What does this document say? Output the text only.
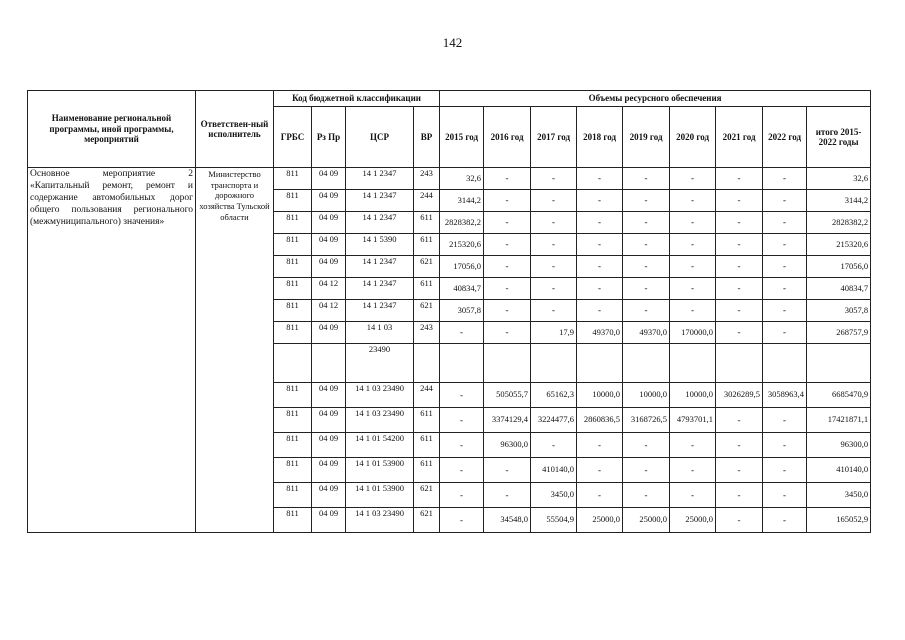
142
Наименование региональной программы, иной программы, мероприятий	Ответствен-ный исполнитель	Код бюджетной классификации				Объемы ресурсного обеспечения								
		ГРБС	Рз Пр	ЦСР	ВР	2015 год	2016 год	2017 год	2018 год	2019 год	2020 год	2021 год	2022 год	итого 2015-2022 годы
Основное мероприятие 2 «Капитальный ремонт, ремонт и содержание автомобильных дорог общего пользования регионального (межмуниципального) значения»	Министерство транспорта и дорожного хозяйства Тульской области	811	04 09	14 1 2347	243	32,6	-	-	-	-	-	-	-	32,6
		811	04 09	14 1 2347	244	3144,2	-	-	-	-	-	-	-	3144,2
		811	04 09	14 1 2347	611	2828382,2	-	-	-	-	-	-	-	2828382,2
		811	04 09	14 1 5390	611	215320,6	-	-	-	-	-	-	-	215320,6
		811	04 09	14 1 2347	621	17056,0	-	-	-	-	-	-	-	17056,0
		811	04 12	14 1 2347	611	40834,7	-	-	-	-	-	-	-	40834,7
		811	04 12	14 1 2347	621	3057,8	-	-	-	-	-	-	-	3057,8
		811	04 09	14 1 03	243	-	-	17,9	49370,0	49370,0	170000,0	-	-	268757,9
				23490										
		811	04 09	14 1 03 23490	244	-	505055,7	65162,3	10000,0	10000,0	10000,0	3026289,5	3058963,4	6685470,9
		811	04 09	14 1 03 23490	611	-	3374129,4	3224477,6	2860836,5	3168726,5	4793701,1	-	-	17421871,1
		811	04 09	14 1 01 54200	611	-	96300,0	-	-	-	-	-	-	96300,0
		811	04 09	14 1 01 53900	611	-	-	410140,0	-	-	-	-	-	410140,0
		811	04 09	14 1 01 53900	621	-	-	3450,0	-	-	-	-	-	3450,0
		811	04 09	14 1 03 23490	621	-	34548,0	55504,9	25000,0	25000,0	25000,0	-	-	165052,9
